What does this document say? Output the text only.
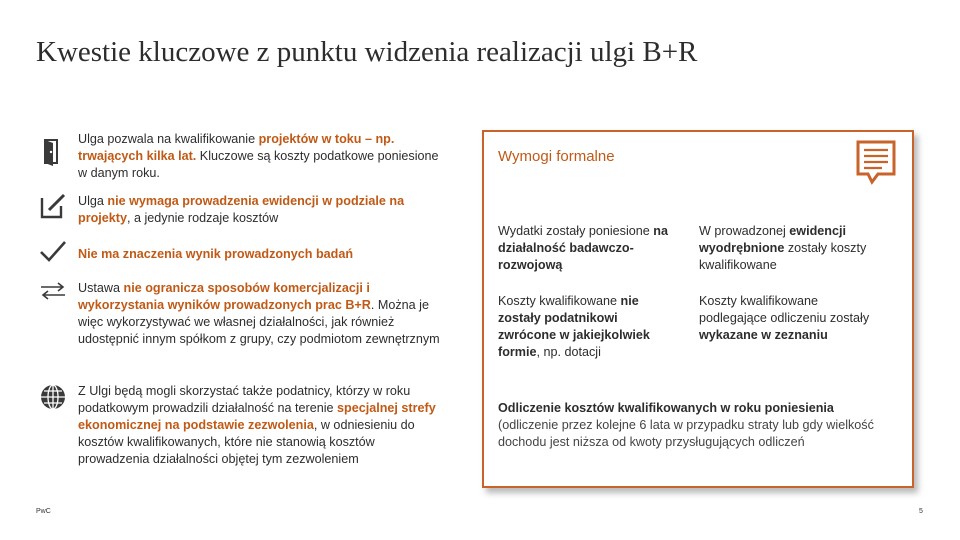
Kwestie kluczowe z punktu widzenia realizacji ulgi B+R
Ulga pozwala na kwalifikowanie projektów w toku – np. trwających kilka lat. Kluczowe są koszty podatkowe poniesione w danym roku.
Ulga nie wymaga prowadzenia ewidencji w podziale na projekty, a jedynie rodzaje kosztów
Nie ma znaczenia wynik prowadzonych badań
Ustawa nie ogranicza sposobów komercjalizacji i wykorzystania wyników prowadzonych prac B+R. Można je więc wykorzystywać we własnej działalności, jak również udostępnić innym spółkom z grupy, czy podmiotom zewnętrznym
Z Ulgi będą mogli skorzystać także podatnicy, którzy w roku podatkowym prowadzili działalność na terenie specjalnej strefy ekonomicznej na podstawie zezwolenia, w odniesieniu do kosztów kwalifikowanych, które nie stanowią kosztów prowadzenia działalności objętej tym zezwoleniem
Wymogi formalne
Wydatki zostały poniesione na działalność badawczo-rozwojową
W prowadzonej ewidencji wyodrębnione zostały koszty kwalifikowane
Koszty kwalifikowane nie zostały podatnikowi zwrócone w jakiejkolwiek formie, np. dotacji
Koszty kwalifikowane podlegające odliczeniu zostały wykazane w zeznaniu
Odliczenie kosztów kwalifikowanych w roku poniesienia
(odliczenie przez kolejne 6 lata w przypadku straty lub gdy wielkość dochodu jest niższa od kwoty przysługujących odliczeń
PwC	5
